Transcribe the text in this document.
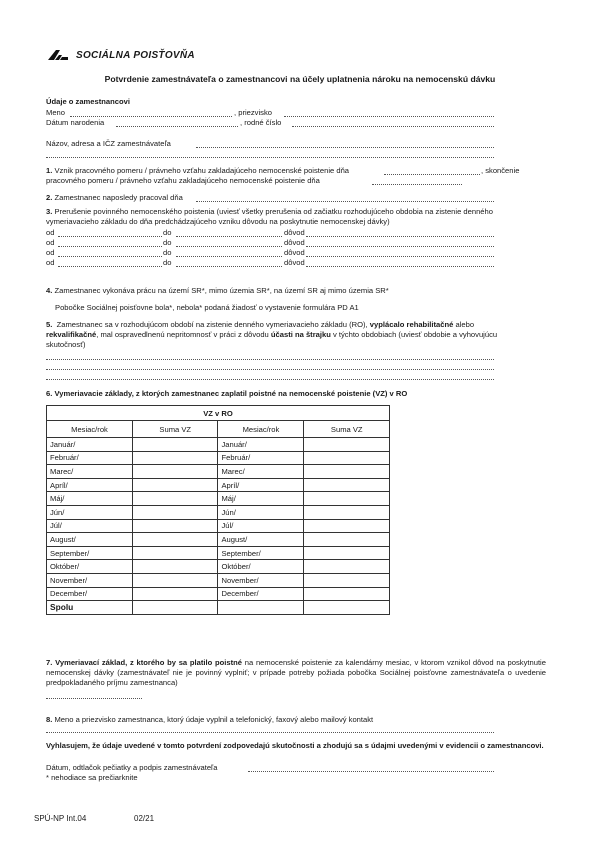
SOCIÁLNA POISŤOVŇA
Potvrdenie zamestnávateľa o zamestnancovi na účely uplatnenia nároku na nemocenskú dávku
Údaje o zamestnancovi
Meno	, priezvisko
Dátum narodenia	, rodné číslo
Názov, adresa a IČZ zamestnávateľa
1. Vznik pracovného pomeru / právneho vzťahu zakladajúceho nemocenské poistenie dňa	, skončenie
pracovného pomeru / právneho vzťahu zakladajúceho nemocenské poistenie dňa
2. Zamestnanec naposledy pracoval dňa
3. Prerušenie povinného nemocenského poistenia (uviesť všetky prerušenia od začiatku rozhodujúceho obdobia na zistenie denného vymeriavacieho základu do dňa predchádzajúceho vzniku dôvodu na poskytnutie nemocenskej dávky)
od	do	dôvod
od	do	dôvod
od	do	dôvod
od	do	dôvod
4. Zamestnanec vykonáva prácu na území SR*, mimo územia SR*, na území SR aj mimo územia SR*
Pobočke Sociálnej poisťovne bola*, nebola* podaná žiadosť o vystavenie formulára PD A1
5. Zamestnanec sa v rozhodujúcom období na zistenie denného vymeriavacieho základu (RO), vyplácalo rehabilitačné alebo rekvalifikačné, mal ospravedlnenú nepritomnosť v práci z dôvodu účasti na štrajku v týchto obdobiach (uviesť obdobie a vyhovujúcu skutočnosť)
6. Vymeriavacie základy, z ktorých zamestnanec zaplatil poistné na nemocenské poistenie (VZ) v RO
VZ v RO			
Mesiac/rok	Suma VZ	Mesiac/rok	Suma VZ
Január/		Január/	
Február/		Február/	
Marec/		Marec/	
Apríl/		Apríl/	
Máj/		Máj/	
Jún/		Jún/	
Júl/		Júl/	
August/		August/	
September/		September/	
Október/		Október/	
November/		November/	
December/		December/	
Spolu			
7. Vymeriavací základ, z ktorého by sa platilo poistné na nemocenské poistenie za kalendárny mesiac, v ktorom vznikol dôvod na poskytnutie nemocenskej dávky (zamestnávateľ nie je povinný vyplniť; v prípade potreby požiada pobočka Sociálnej poisťovne zamestnávateľa o uvedenie predpokladaného príjmu zamestnanca)
8. Meno a priezvisko zamestnanca, ktorý údaje vyplnil a telefonický, faxový alebo mailový kontakt
Vyhlasujem, že údaje uvedené v tomto potvrdení zodpovedajú skutočnosti a zhodujú sa s údajmi uvedenými v evidencii o zamestnancovi.
Dátum, odtlačok pečiatky a podpis zamestnávateľa
* nehodiace sa prečiarknite
SPÚ-NP Int.04	02/21
